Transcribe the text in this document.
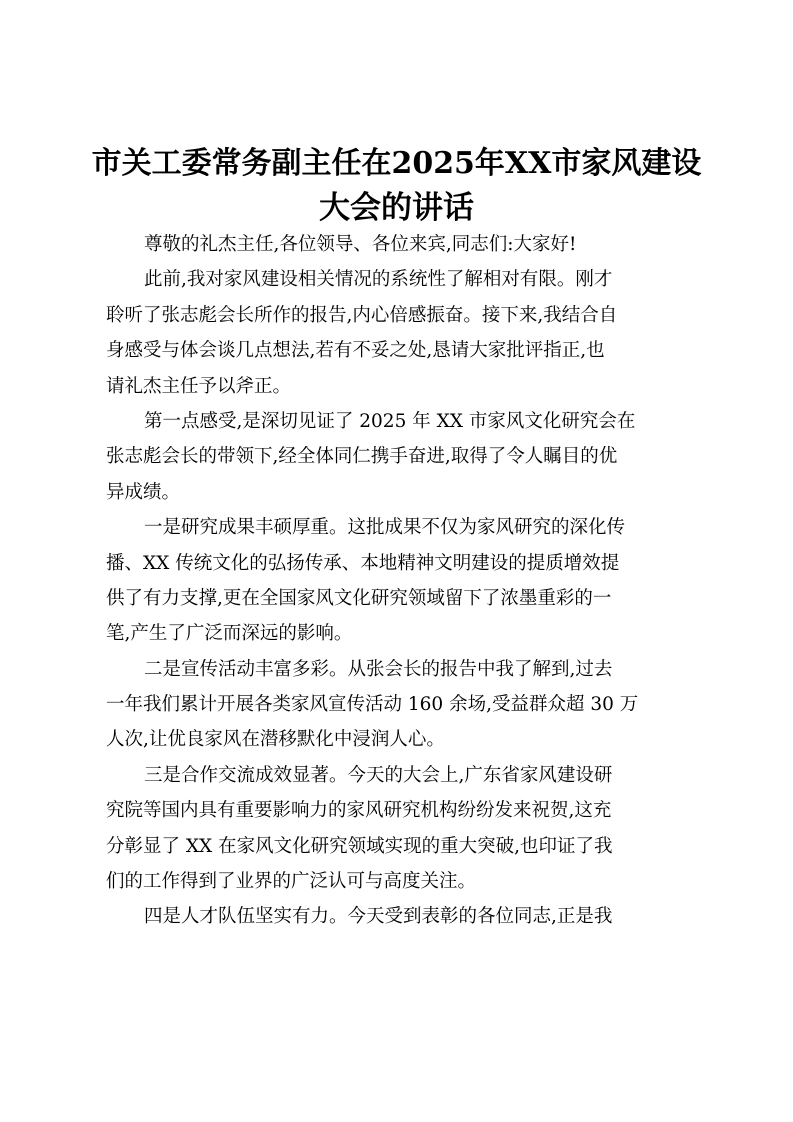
市关工委常务副主任在2025年XX市家风建设
大会的讲话
尊敬的礼杰主任,各位领导、各位来宾,同志们:大家好!
此前,我对家风建设相关情况的系统性了解相对有限。刚才
聆听了张志彪会长所作的报告,内心倍感振奋。接下来,我结合自
身感受与体会谈几点想法,若有不妥之处,恳请大家批评指正,也
请礼杰主任予以斧正。
第一点感受,是深切见证了 2025 年 XX 市家风文化研究会在
张志彪会长的带领下,经全体同仁携手奋进,取得了令人瞩目的优
异成绩。
一是研究成果丰硕厚重。这批成果不仅为家风研究的深化传
播、XX 传统文化的弘扬传承、本地精神文明建设的提质增效提
供了有力支撑,更在全国家风文化研究领域留下了浓墨重彩的一
笔,产生了广泛而深远的影响。
二是宣传活动丰富多彩。从张会长的报告中我了解到,过去
一年我们累计开展各类家风宣传活动 160 余场,受益群众超 30 万
人次,让优良家风在潜移默化中浸润人心。
三是合作交流成效显著。今天的大会上,广东省家风建设研
究院等国内具有重要影响力的家风研究机构纷纷发来祝贺,这充
分彰显了 XX 在家风文化研究领域实现的重大突破,也印证了我
们的工作得到了业界的广泛认可与高度关注。
四是人才队伍坚实有力。今天受到表彰的各位同志,正是我
